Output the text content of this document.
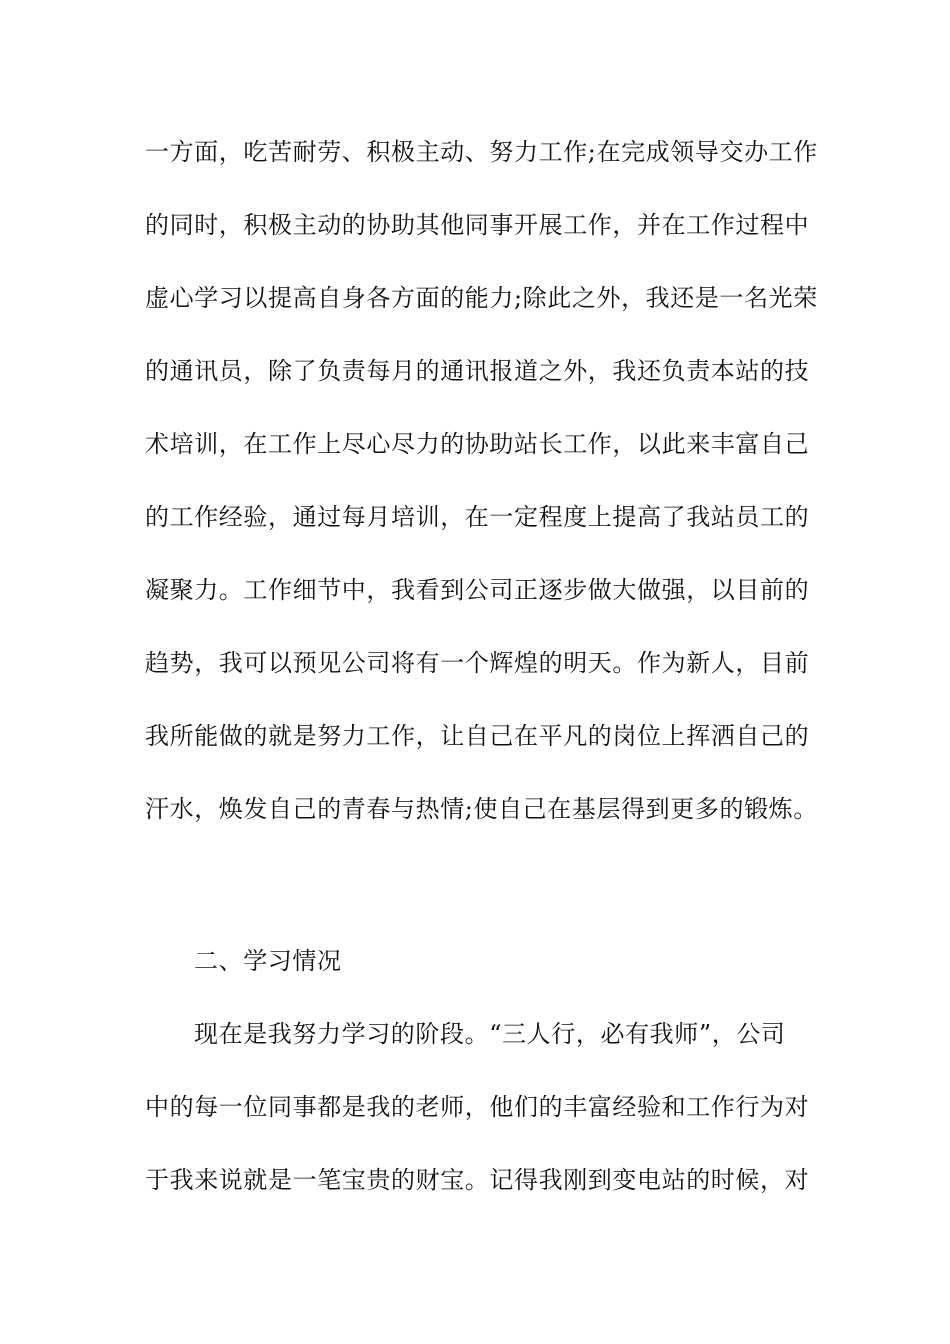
一方面，吃苦耐劳、积极主动、努力工作;在完成领导交办工作
的同时，积极主动的协助其他同事开展工作，并在工作过程中
虚心学习以提高自身各方面的能力;除此之外，我还是一名光荣
的通讯员，除了负责每月的通讯报道之外，我还负责本站的技
术培训，在工作上尽心尽力的协助站长工作，以此来丰富自己
的工作经验，通过每月培训，在一定程度上提高了我站员工的
凝聚力。工作细节中，我看到公司正逐步做大做强，以目前的
趋势，我可以预见公司将有一个辉煌的明天。作为新人，目前
我所能做的就是努力工作，让自己在平凡的岗位上挥洒自己的
汗水，焕发自己的青春与热情;使自己在基层得到更多的锻炼。
二、学习情况
现在是我努力学习的阶段。“三人行，必有我师”，公司
中的每一位同事都是我的老师，他们的丰富经验和工作行为对
于我来说就是一笔宝贵的财宝。记得我刚到变电站的时候，对
